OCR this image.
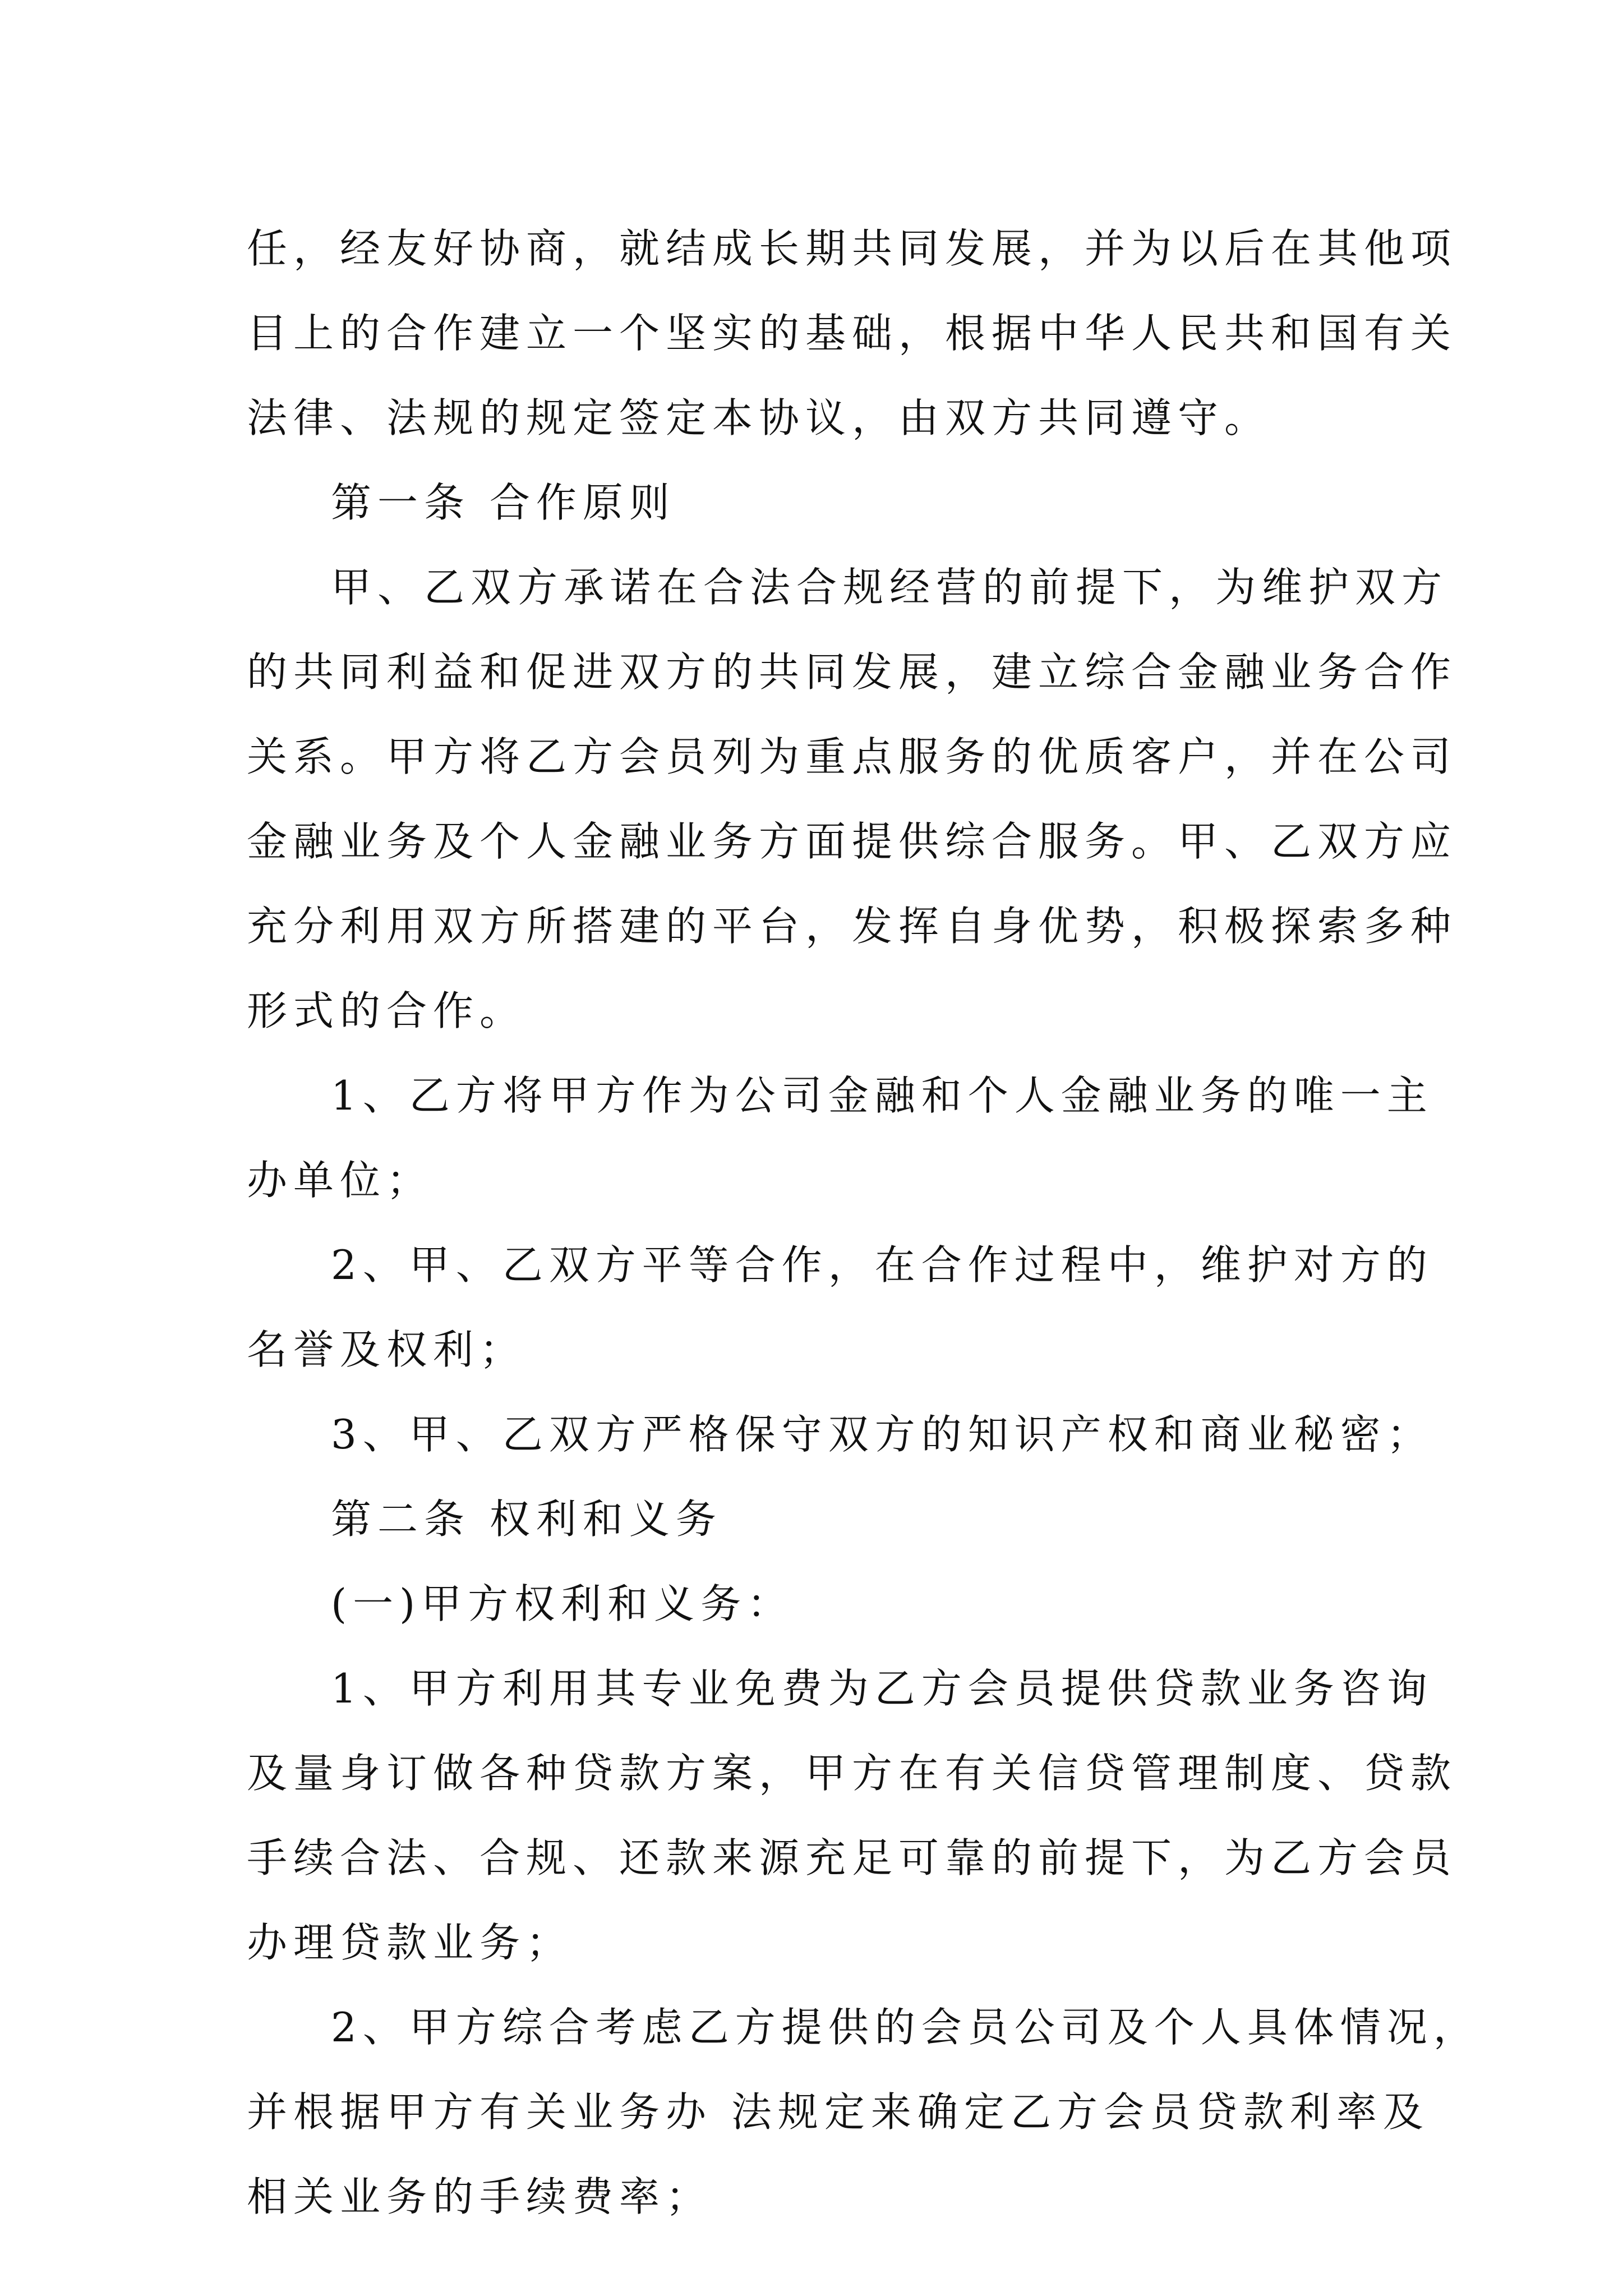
任，经友好协商，就结成长期共同发展，并为以后在其他项
目上的合作建立一个坚实的基础，根据中华人民共和国有关
法律、法规的规定签定本协议，由双方共同遵守。
第一条 合作原则
甲、乙双方承诺在合法合规经营的前提下，为维护双方
的共同利益和促进双方的共同发展，建立综合金融业务合作
关系。甲方将乙方会员列为重点服务的优质客户，并在公司
金融业务及个人金融业务方面提供综合服务。甲、乙双方应
充分利用双方所搭建的平台，发挥自身优势，积极探索多种
形式的合作。
1、乙方将甲方作为公司金融和个人金融业务的唯一主
办单位；
2、甲、乙双方平等合作，在合作过程中，维护对方的
名誉及权利；
3、甲、乙双方严格保守双方的知识产权和商业秘密；
第二条 权利和义务
(一)甲方权利和义务：
1、甲方利用其专业免费为乙方会员提供贷款业务咨询
及量身订做各种贷款方案，甲方在有关信贷管理制度、贷款
手续合法、合规、还款来源充足可靠的前提下，为乙方会员
办理贷款业务；
2、甲方综合考虑乙方提供的会员公司及个人具体情况，
并根据甲方有关业务办 法规定来确定乙方会员贷款利率及
相关业务的手续费率；
